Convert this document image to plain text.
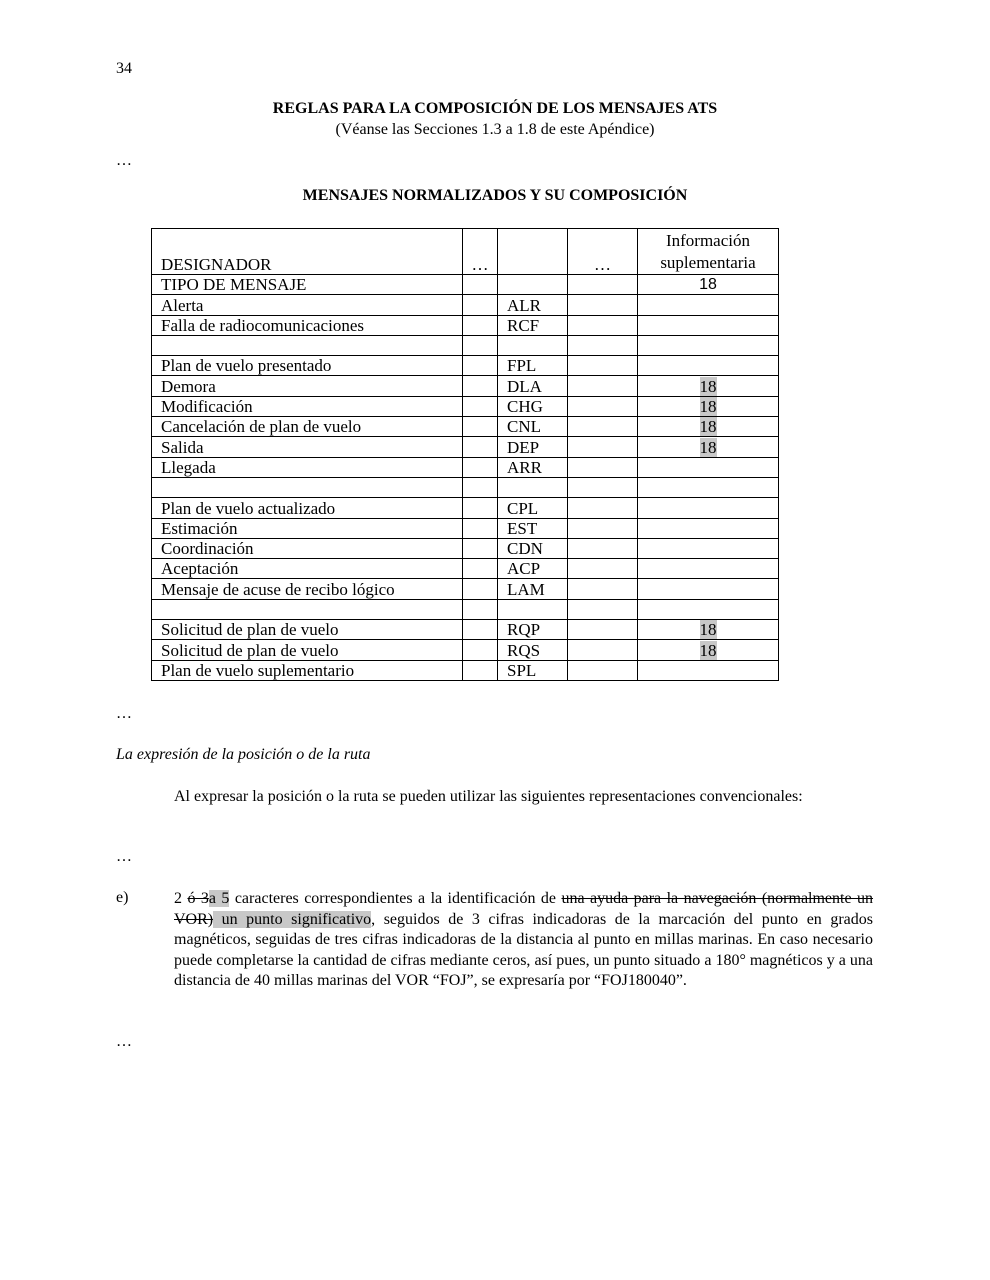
34
REGLAS PARA LA COMPOSICIÓN DE LOS MENSAJES ATS
(Véanse las Secciones 1.3 a 1.8 de este Apéndice)
…
MENSAJES NORMALIZADOS Y SU COMPOSICIÓN
DESIGNADOR	…		…	Información
suplementaria
TIPO DE MENSAJE				18
Alerta		ALR		
Falla de radiocomunicaciones		RCF		

Plan de vuelo presentado		FPL		
Demora		DLA		18
Modificación		CHG		18
Cancelación de plan de vuelo		CNL		18
Salida		DEP		18
Llegada		ARR		

Plan de vuelo actualizado		CPL		
Estimación		EST		
Coordinación		CDN		
Aceptación		ACP		
Mensaje de acuse de recibo lógico		LAM		

Solicitud de plan de vuelo		RQP		18
Solicitud de plan de vuelo		RQS		18
Plan de vuelo suplementario		SPL		
…
La expresión de la posición o de la ruta
Al expresar la posición o la ruta se pueden utilizar las siguientes representaciones convencionales:
…
e)	2 ó 3a 5 caracteres correspondientes a la identificación de una ayuda para la navegación (normalmente un VOR) un punto significativo, seguidos de 3 cifras indicadoras de la marcación del punto en grados magnéticos, seguidas de tres cifras indicadoras de la distancia al punto en millas marinas. En caso necesario puede completarse la cantidad de cifras mediante ceros, así pues, un punto situado a 180° magnéticos y a una distancia de 40 millas marinas del VOR “FOJ”, se expresaría por “FOJ180040”.
…
